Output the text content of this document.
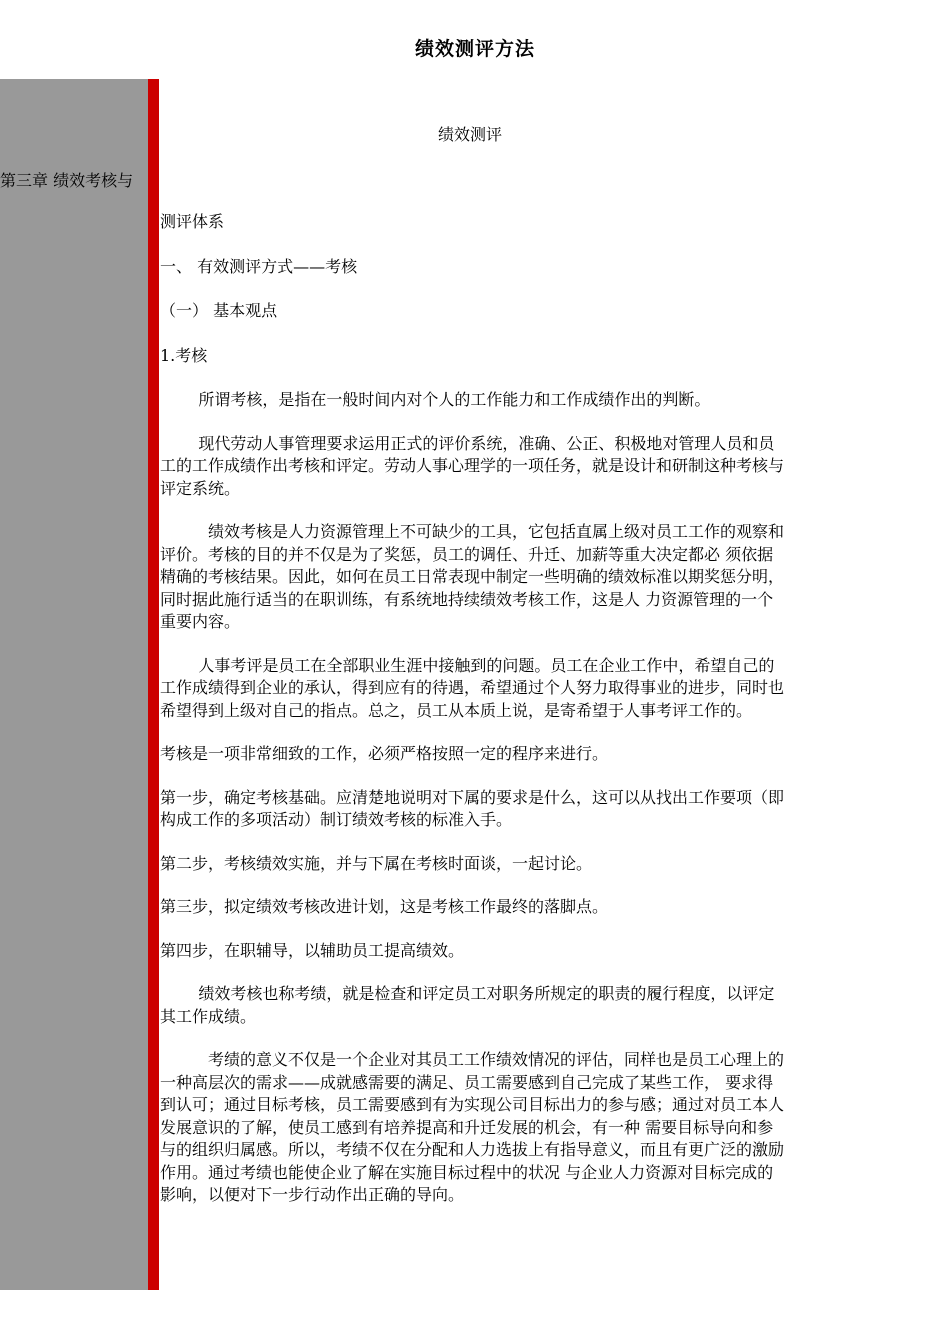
绩效测评方法
第三章 绩效考核与
绩效测评

测评体系

一、 有效测评方式——考核

（一） 基本观点

1.考核

所谓考核，是指在一般时间内对个人的工作能力和工作成绩作出的判断。

现代劳动人事管理要求运用正式的评价系统，准确、公正、积极地对管理人员和员工的工作成绩作出考核和评定。劳动人事心理学的一项任务，就是设计和研制这种考核与评定系统。

绩效考核是人力资源管理上不可缺少的工具，它包括直属上级对员工工作的观察和评价。考核的目的并不仅是为了奖惩，员工的调任、升迁、加薪等重大决定都必 须依据精确的考核结果。因此，如何在员工日常表现中制定一些明确的绩效标准以期奖惩分明，同时据此施行适当的在职训练，有系统地持续绩效考核工作，这是人 力资源管理的一个重要内容。

人事考评是员工在全部职业生涯中接触到的问题。员工在企业工作中，希望自己的工作成绩得到企业的承认，得到应有的待遇，希望通过个人努力取得事业的进步，同时也希望得到上级对自己的指点。总之，员工从本质上说，是寄希望于人事考评工作的。

考核是一项非常细致的工作，必须严格按照一定的程序来进行。

第一步，确定考核基础。应清楚地说明对下属的要求是什么，这可以从找出工作要项（即构成工作的多项活动）制订绩效考核的标准入手。

第二步，考核绩效实施，并与下属在考核时面谈，一起讨论。

第三步，拟定绩效考核改进计划，这是考核工作最终的落脚点。

第四步，在职辅导，以辅助员工提高绩效。

绩效考核也称考绩，就是检查和评定员工对职务所规定的职责的履行程度，以评定其工作成绩。

考绩的意义不仅是一个企业对其员工工作绩效情况的评估，同样也是员工心理上的一种高层次的需求——成就感需要的满足、员工需要感到自己完成了某些工作， 要求得到认可；通过目标考核，员工需要感到有为实现公司目标出力的参与感；通过对员工本人发展意识的了解，使员工感到有培养提高和升迁发展的机会，有一种 需要目标导向和参与的组织归属感。所以，考绩不仅在分配和人力选拔上有指导意义，而且有更广泛的激励作用。通过考绩也能使企业了解在实施目标过程中的状况 与企业人力资源对目标完成的影响，以便对下一步行动作出正确的导向。
